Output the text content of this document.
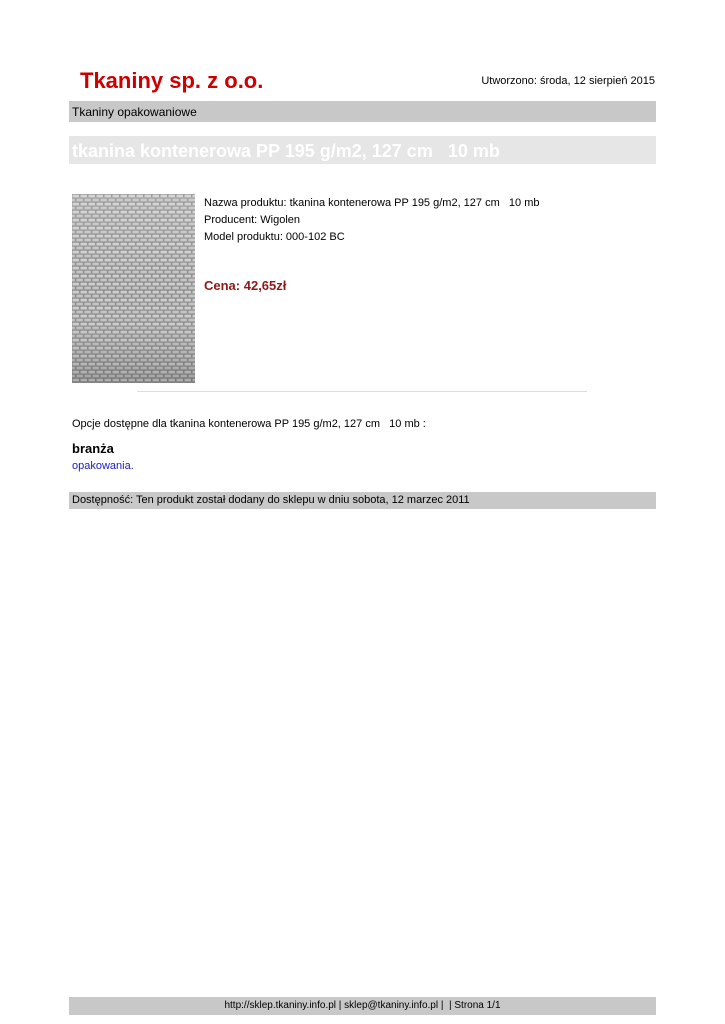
Tkaniny sp. z o.o.	Utworzono: środa, 12 sierpień 2015
Tkaniny opakowaniowe
tkanina kontenerowa PP 195 g/m2, 127 cm   10 mb
Nazwa produktu: tkanina kontenerowa PP 195 g/m2, 127 cm   10 mb
Producent: Wigolen
Model produktu: 000-102 BC
Cena: 42,65zł
Opcje dostępne dla tkanina kontenerowa PP 195 g/m2, 127 cm   10 mb :
branża
opakowania.
Dostępność: Ten produkt został dodany do sklepu w dniu sobota, 12 marzec 2011
http://sklep.tkaniny.info.pl | sklep@tkaniny.info.pl |  | Strona 1/1
